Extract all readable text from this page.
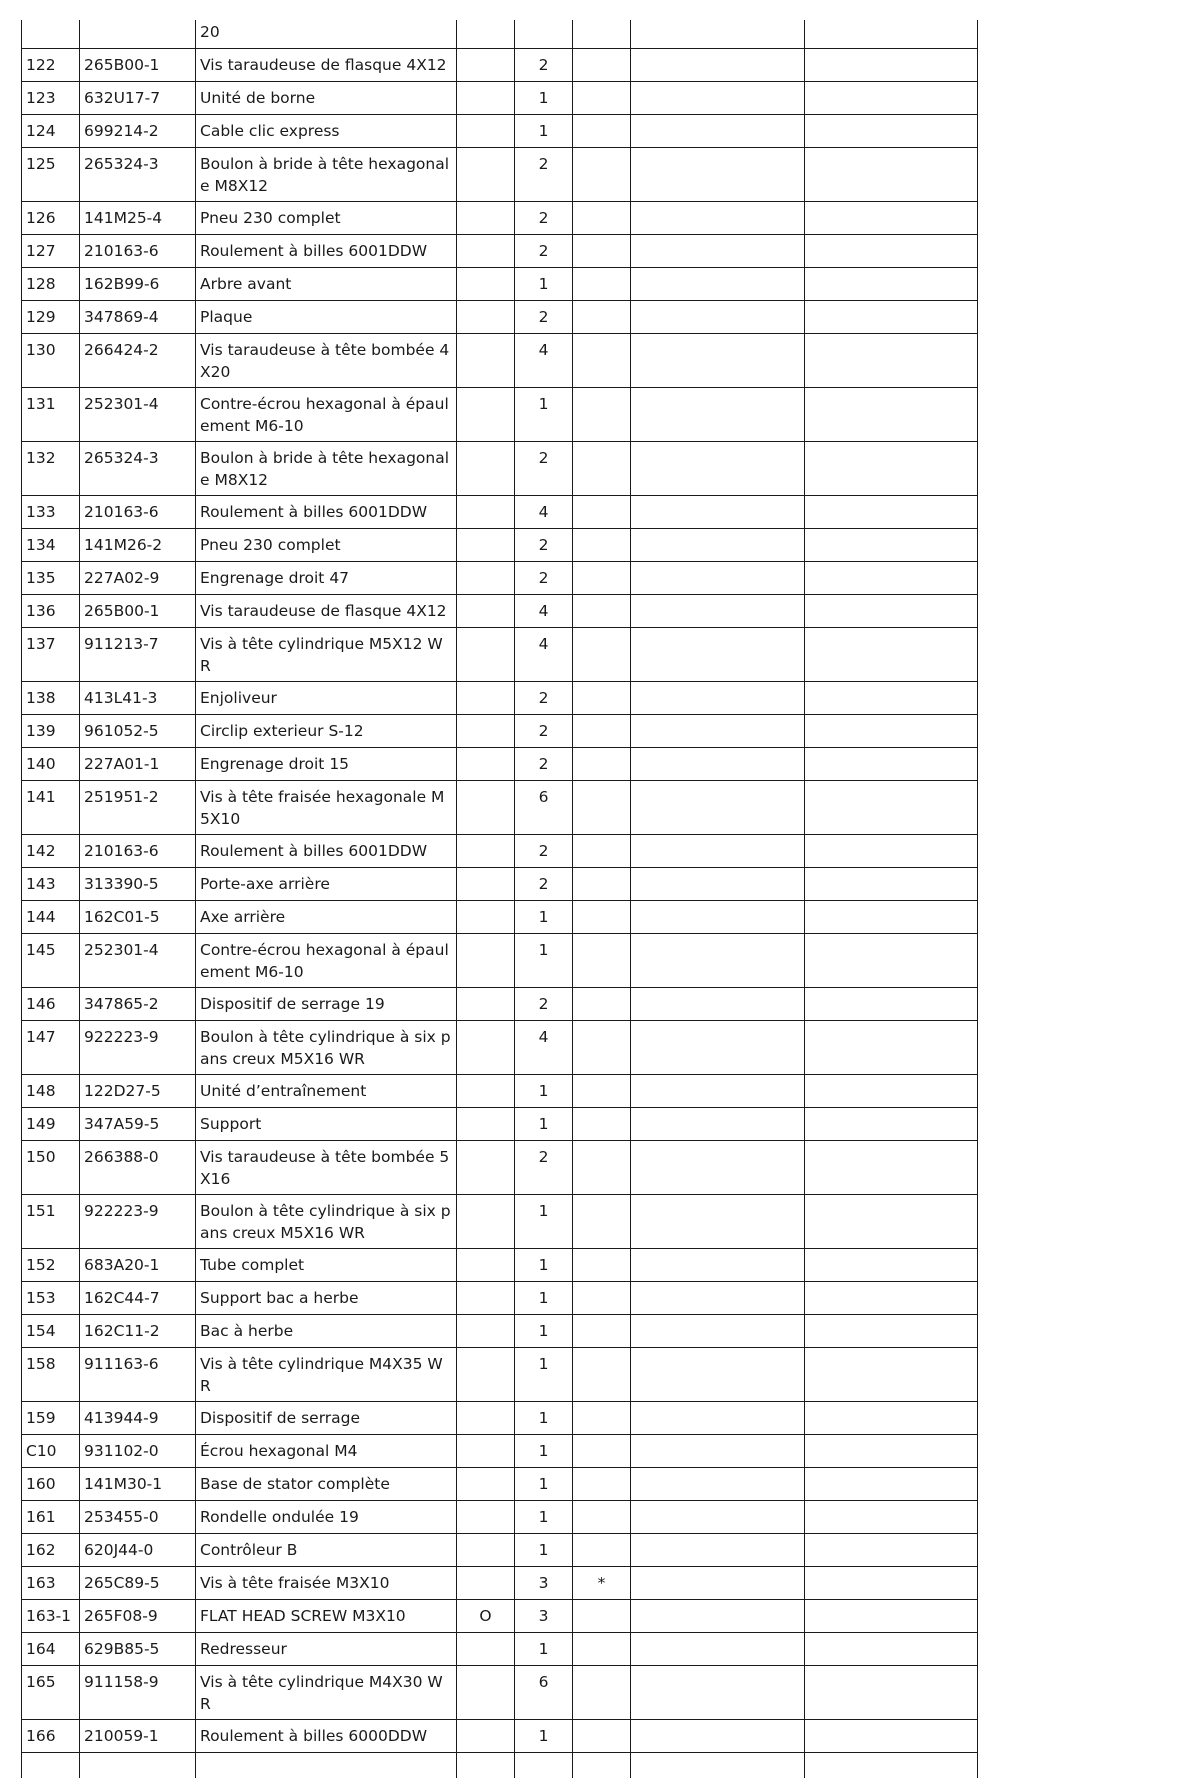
		20					
122	265B00-1	Vis taraudeuse de flasque 4X12		2			
123	632U17-7	Unité de borne		1			
124	699214-2	Cable clic express		1			
125	265324-3	Boulon à bride à tête hexagonale M8X12		2			
126	141M25-4	Pneu 230 complet		2			
127	210163-6	Roulement à billes 6001DDW		2			
128	162B99-6	Arbre avant		1			
129	347869-4	Plaque		2			
130	266424-2	Vis taraudeuse à tête bombée 4X20		4			
131	252301-4	Contre-écrou hexagonal à épaulement M6-10		1			
132	265324-3	Boulon à bride à tête hexagonale M8X12		2			
133	210163-6	Roulement à billes 6001DDW		4			
134	141M26-2	Pneu 230 complet		2			
135	227A02-9	Engrenage droit 47		2			
136	265B00-1	Vis taraudeuse de flasque 4X12		4			
137	911213-7	Vis à tête cylindrique M5X12 WR		4			
138	413L41-3	Enjoliveur		2			
139	961052-5	Circlip exterieur S-12		2			
140	227A01-1	Engrenage droit 15		2			
141	251951-2	Vis à tête fraisée hexagonale M5X10		6			
142	210163-6	Roulement à billes 6001DDW		2			
143	313390-5	Porte-axe arrière		2			
144	162C01-5	Axe arrière		1			
145	252301-4	Contre-écrou hexagonal à épaulement M6-10		1			
146	347865-2	Dispositif de serrage 19		2			
147	922223-9	Boulon à tête cylindrique à six pans creux M5X16 WR		4			
148	122D27-5	Unité d’entraînement		1			
149	347A59-5	Support		1			
150	266388-0	Vis taraudeuse à tête bombée 5X16		2			
151	922223-9	Boulon à tête cylindrique à six pans creux M5X16 WR		1			
152	683A20-1	Tube complet		1			
153	162C44-7	Support bac a herbe		1			
154	162C11-2	Bac à herbe		1			
158	911163-6	Vis à tête cylindrique M4X35 WR		1			
159	413944-9	Dispositif de serrage		1			
C10	931102-0	Écrou hexagonal M4		1			
160	141M30-1	Base de stator complète		1			
161	253455-0	Rondelle ondulée 19		1			
162	620J44-0	Contrôleur B		1			
163	265C89-5	Vis à tête fraisée M3X10		3	*		
163-1	265F08-9	FLAT HEAD SCREW M3X10	O	3			
164	629B85-5	Redresseur		1			
165	911158-9	Vis à tête cylindrique M4X30 WR		6			
166	210059-1	Roulement à billes 6000DDW		1			
